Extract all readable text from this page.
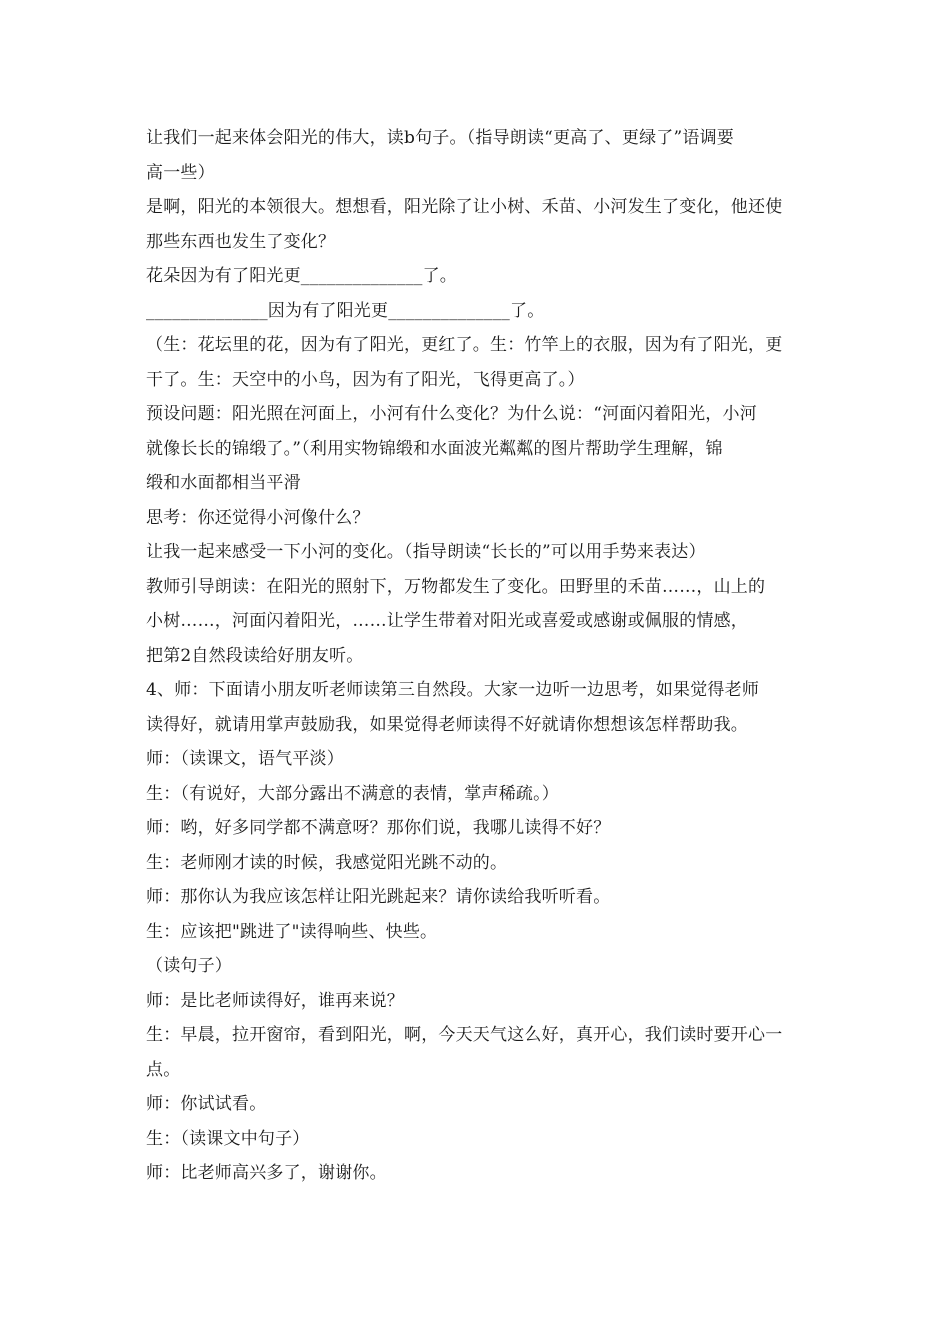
让我们一起来体会阳光的伟大，读b句子。（指导朗读“更高了、更绿了”语调要
高一些）
是啊，阳光的本领很大。想想看，阳光除了让小树、禾苗、小河发生了变化，他还使
那些东西也发生了变化？
花朵因为有了阳光更______________了。
______________因为有了阳光更______________了。
（生：花坛里的花，因为有了阳光，更红了。生：竹竿上的衣服，因为有了阳光，更
干了。生：天空中的小鸟，因为有了阳光，飞得更高了。）
预设问题：阳光照在河面上，小河有什么变化？为什么说：“河面闪着阳光，小河
就像长长的锦缎了。”（利用实物锦缎和水面波光粼粼的图片帮助学生理解，锦
缎和水面都相当平滑
思考：你还觉得小河像什么？
让我一起来感受一下小河的变化。（指导朗读“长长的”可以用手势来表达）
教师引导朗读：在阳光的照射下，万物都发生了变化。田野里的禾苗……，山上的
小树……，河面闪着阳光，……让学生带着对阳光或喜爱或感谢或佩服的情感，
把第2自然段读给好朋友听。
4、师：下面请小朋友听老师读第三自然段。大家一边听一边思考，如果觉得老师
读得好，就请用掌声鼓励我，如果觉得老师读得不好就请你想想该怎样帮助我。
师：（读课文，语气平淡）
生：（有说好，大部分露出不满意的表情，掌声稀疏。）
师：哟，好多同学都不满意呀？那你们说，我哪儿读得不好？
生：老师刚才读的时候，我感觉阳光跳不动的。
师：那你认为我应该怎样让阳光跳起来？请你读给我听听看。
生：应该把"跳进了"读得响些、快些。
（读句子）
师：是比老师读得好，谁再来说？
生：早晨，拉开窗帘，看到阳光，啊，今天天气这么好，真开心，我们读时要开心一
点。
师：你试试看。
生：（读课文中句子）
师：比老师高兴多了，谢谢你。
